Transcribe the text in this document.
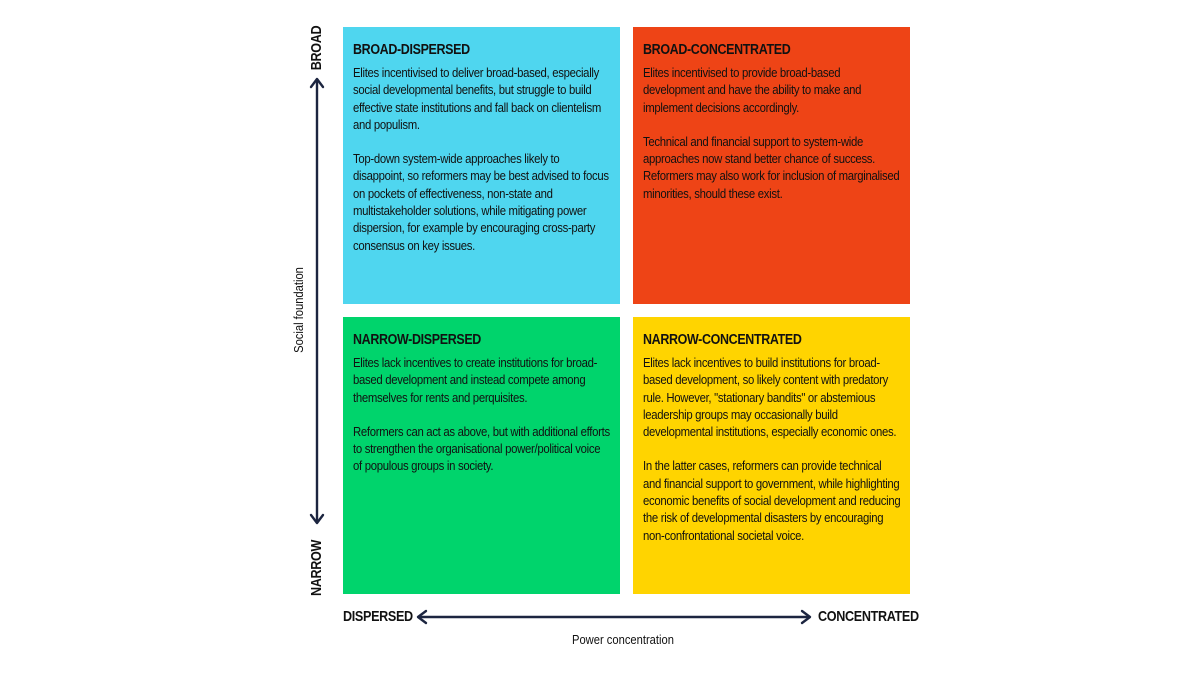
BROAD-DISPERSED

Elites incentivised to deliver broad-based, especially social developmental benefits, but struggle to build effective state institutions and fall back on clientelism and populism.

Top-down system-wide approaches likely to disappoint, so reformers may be best advised to focus on pockets of effectiveness, non-state and multistakeholder solutions, while mitigating power dispersion, for example by encouraging cross-party consensus on key issues.

BROAD-CONCENTRATED

Elites incentivised to provide broad-based development and have the ability to make and implement decisions accordingly.

Technical and financial support to system-wide approaches now stand better chance of success. Reformers may also work for inclusion of marginalised minorities, should these exist.

NARROW-DISPERSED

Elites lack incentives to create institutions for broad-based development and instead compete among themselves for rents and perquisites.

Reformers can act as above, but with additional efforts to strengthen the organisational power/political voice of populous groups in society.

NARROW-CONCENTRATED

Elites lack incentives to build institutions for broad-based development, so likely content with predatory rule. However, "stationary bandits" or abstemious leadership groups may occasionally build developmental institutions, especially economic ones.

In the latter cases, reformers can provide technical and financial support to government, while highlighting economic benefits of social development and reducing the risk of developmental disasters by encouraging non-confrontational societal voice.

BROAD
NARROW
Social foundation
DISPERSED	CONCENTRATED
Power concentration
